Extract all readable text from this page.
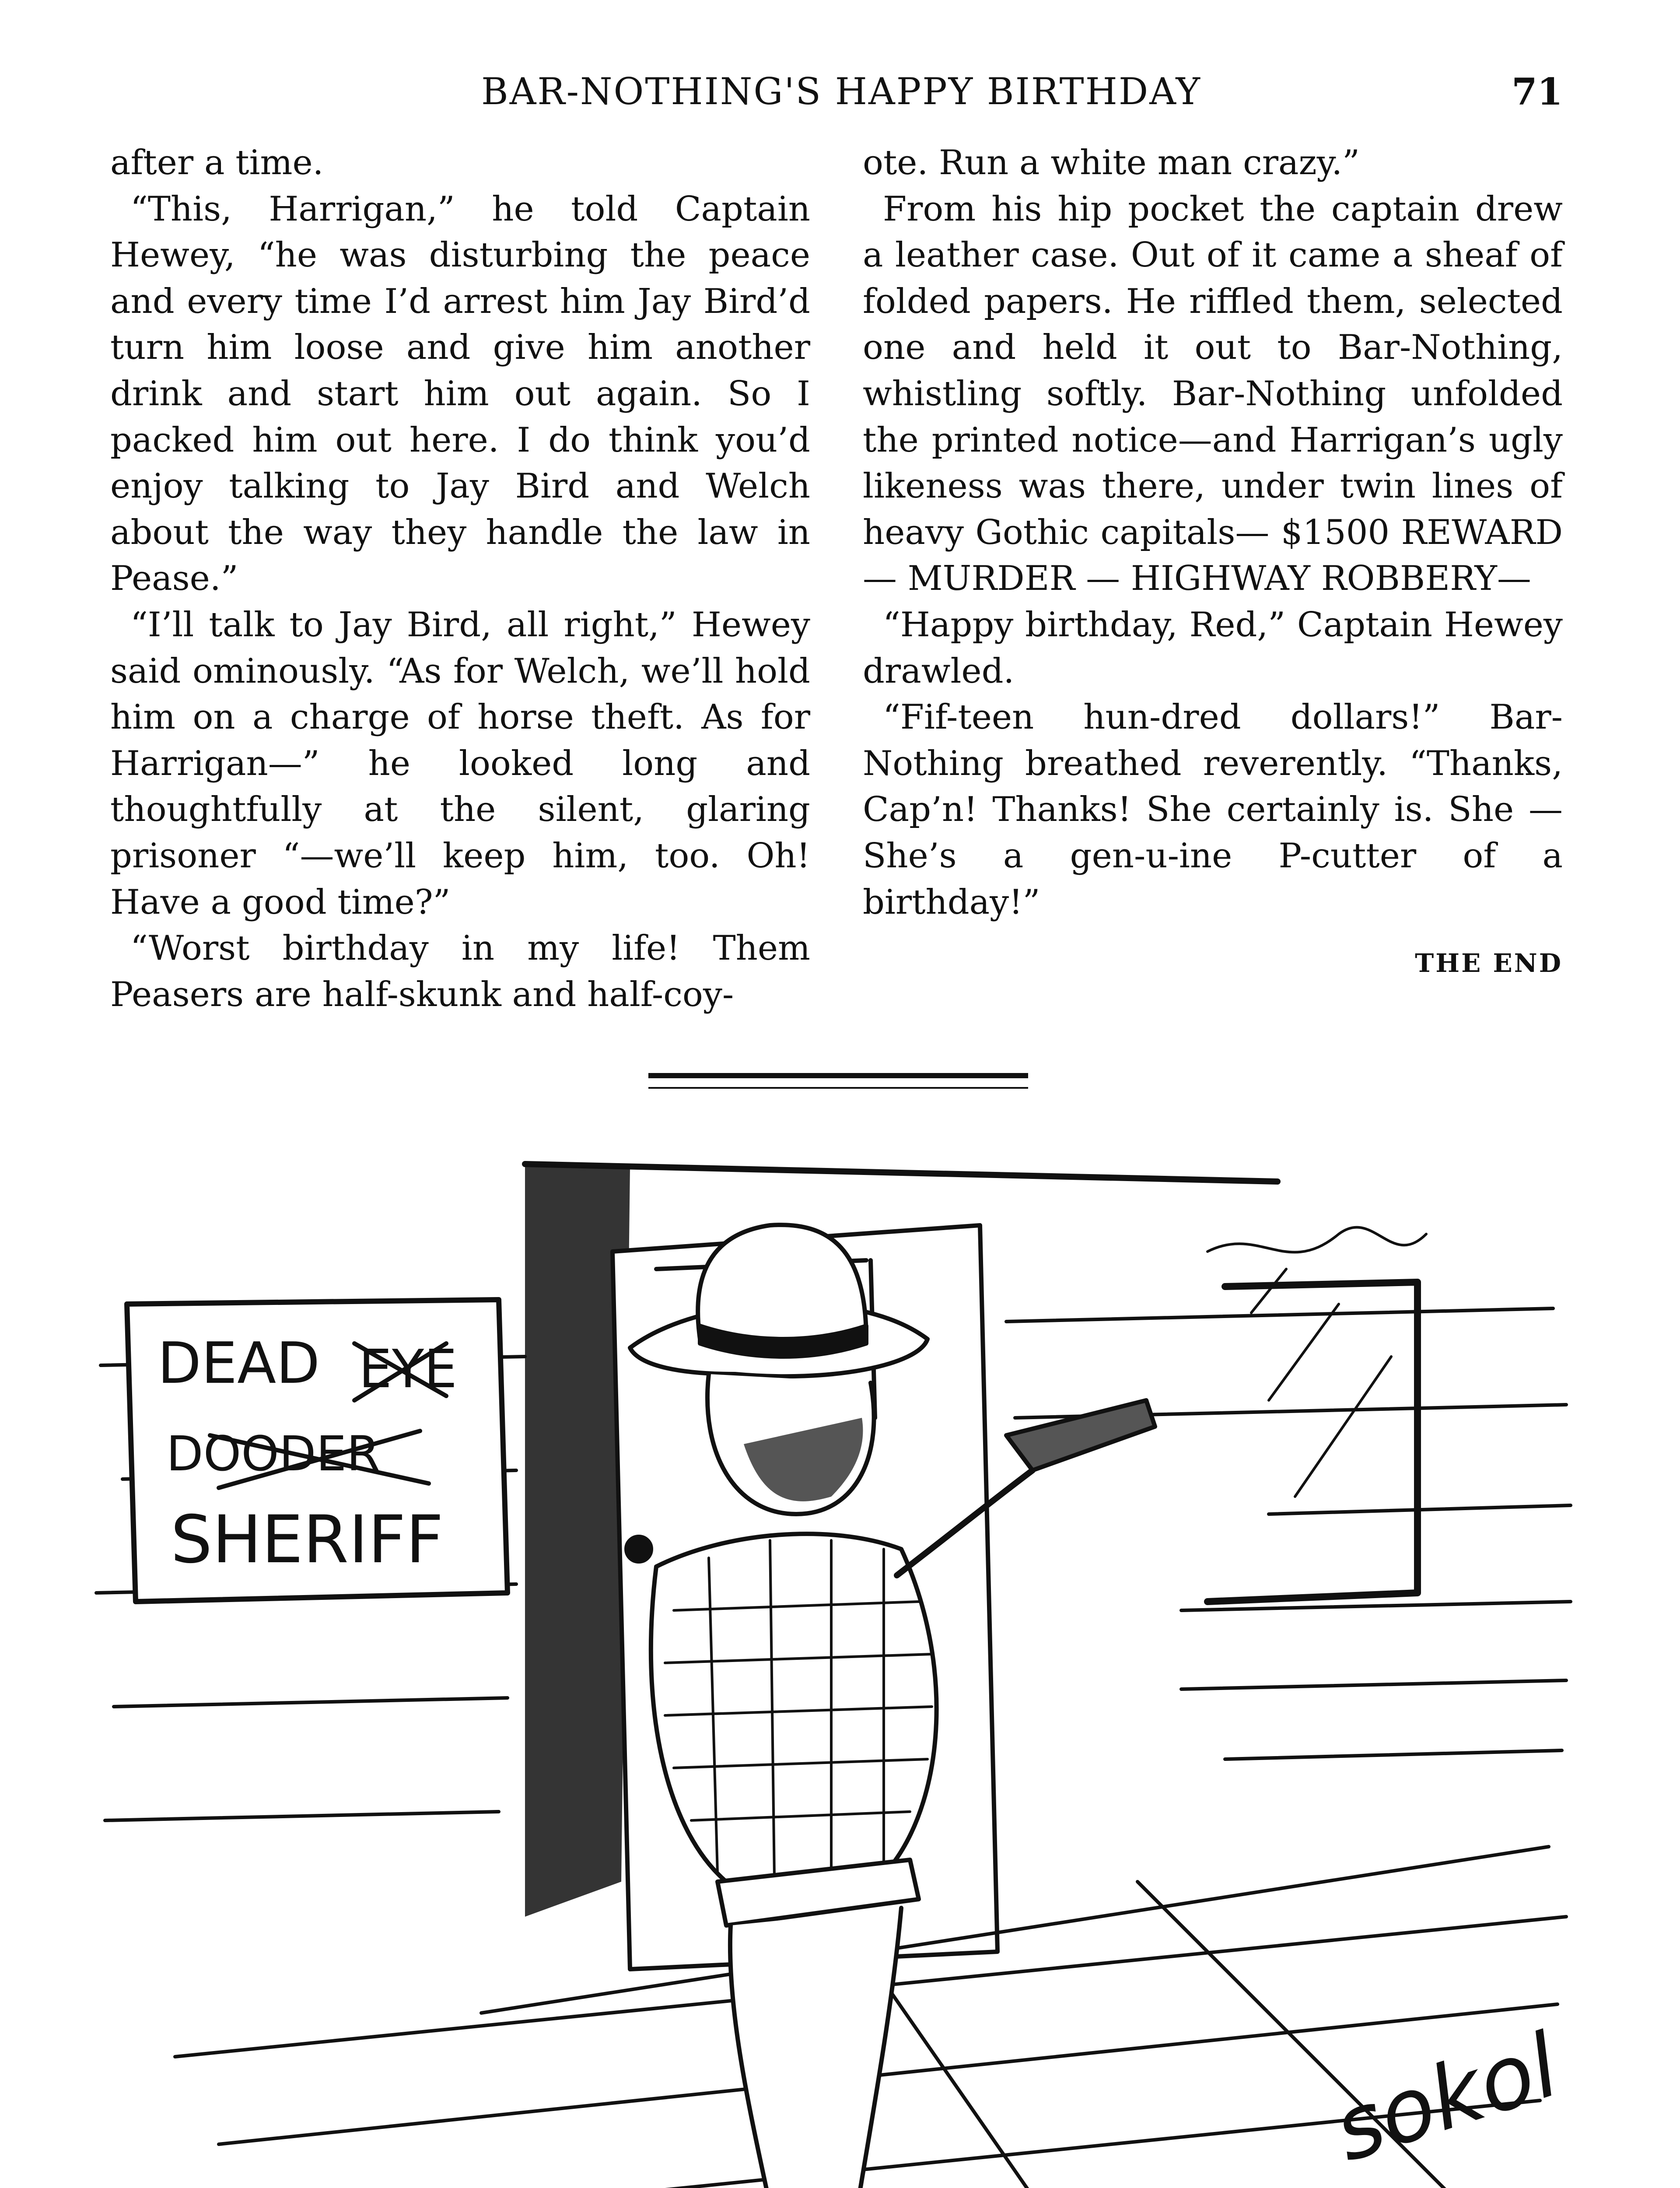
BAR-NOTHING'S HAPPY BIRTHDAY	71

after a time.

“This, Harrigan,” he told Captain Hewey, “he was disturbing the peace and every time I’d arrest him Jay Bird’d turn him loose and give him another drink and start him out again. So I packed him out here. I do think you’d enjoy talking to Jay Bird and Welch about the way they handle the law in Pease.”

“I’ll talk to Jay Bird, all right,” Hewey said ominously. “As for Welch, we’ll hold him on a charge of horse theft. As for Harrigan—” he looked long and thoughtfully at the silent, glaring prisoner “—we’ll keep him, too. Oh! Have a good time?”

“Worst birthday in my life! Them Peasers are half-skunk and half-coy-

ote. Run a white man crazy.”

From his hip pocket the captain drew a leather case. Out of it came a sheaf of folded papers. He riffled them, selected one and held it out to Bar-Nothing, whistling softly. Bar-Nothing unfolded the printed notice—and Harrigan’s ugly likeness was there, under twin lines of heavy Gothic capitals— $1500 REWARD — MURDER — HIGHWAY ROBBERY—

“Happy birthday, Red,” Captain Hewey drawled.

“Fif-teen hun-dred dollars!” Bar-Nothing breathed reverently. “Thanks, Cap’n! Thanks! She certainly is. She — She’s a gen-u-ine P-cutter of a birthday!”

THE END

DEAD EYE
DOODER
SHERIFF
sokol
